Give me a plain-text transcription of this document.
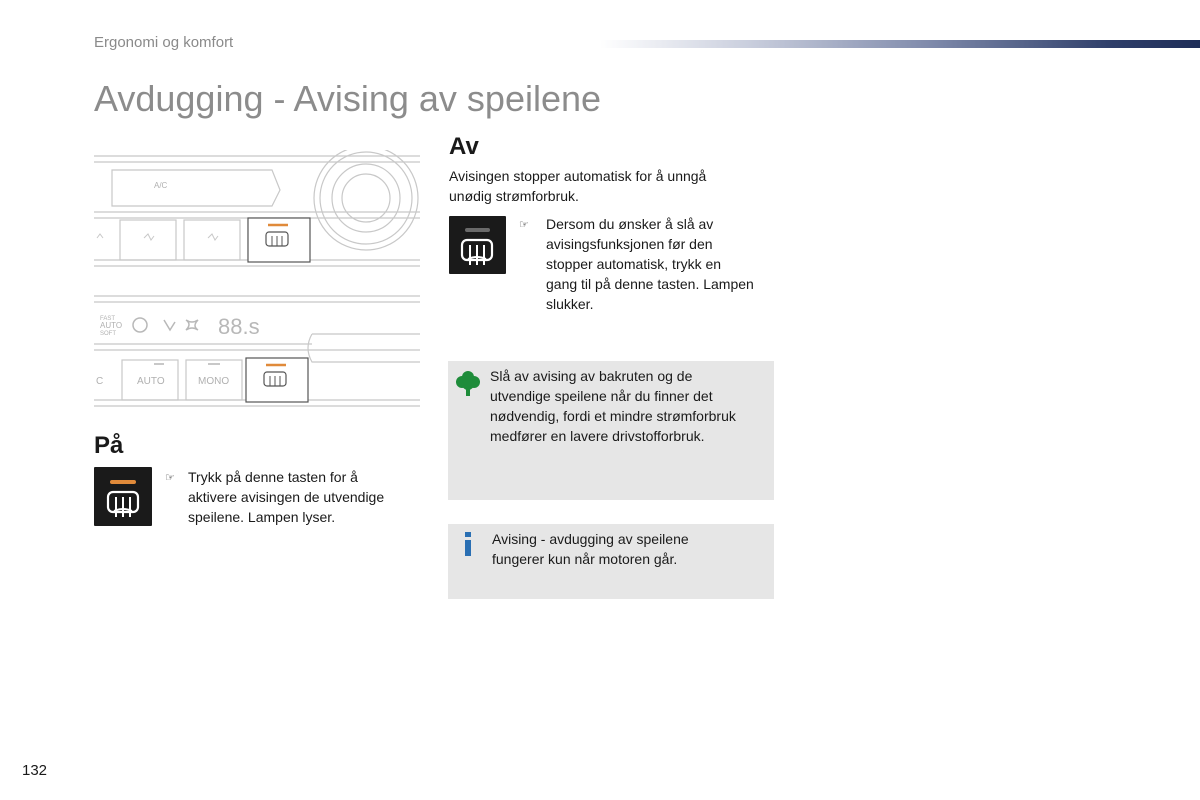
Ergonomi og komfort
Avdugging - Avising av speilene
A/C
FAST
AUTO
SOFT	88.s
C	AUTO	MONO
På
☞ Trykk på denne tasten for å
aktivere avisingen de utvendige
speilene. Lampen lyser.
Av
Avisingen stopper automatisk for å unngå
unødig strømforbruk.
☞ Dersom du ønsker å slå av
avisingsfunksjonen før den
stopper automatisk, trykk en
gang til på denne tasten. Lampen
slukker.
Slå av avising av bakruten og de
utvendige speilene når du finner det
nødvendig, fordi et mindre strømforbruk
medfører en lavere drivstofforbruk.
Avising - avdugging av speilene
fungerer kun når motoren går.
132
